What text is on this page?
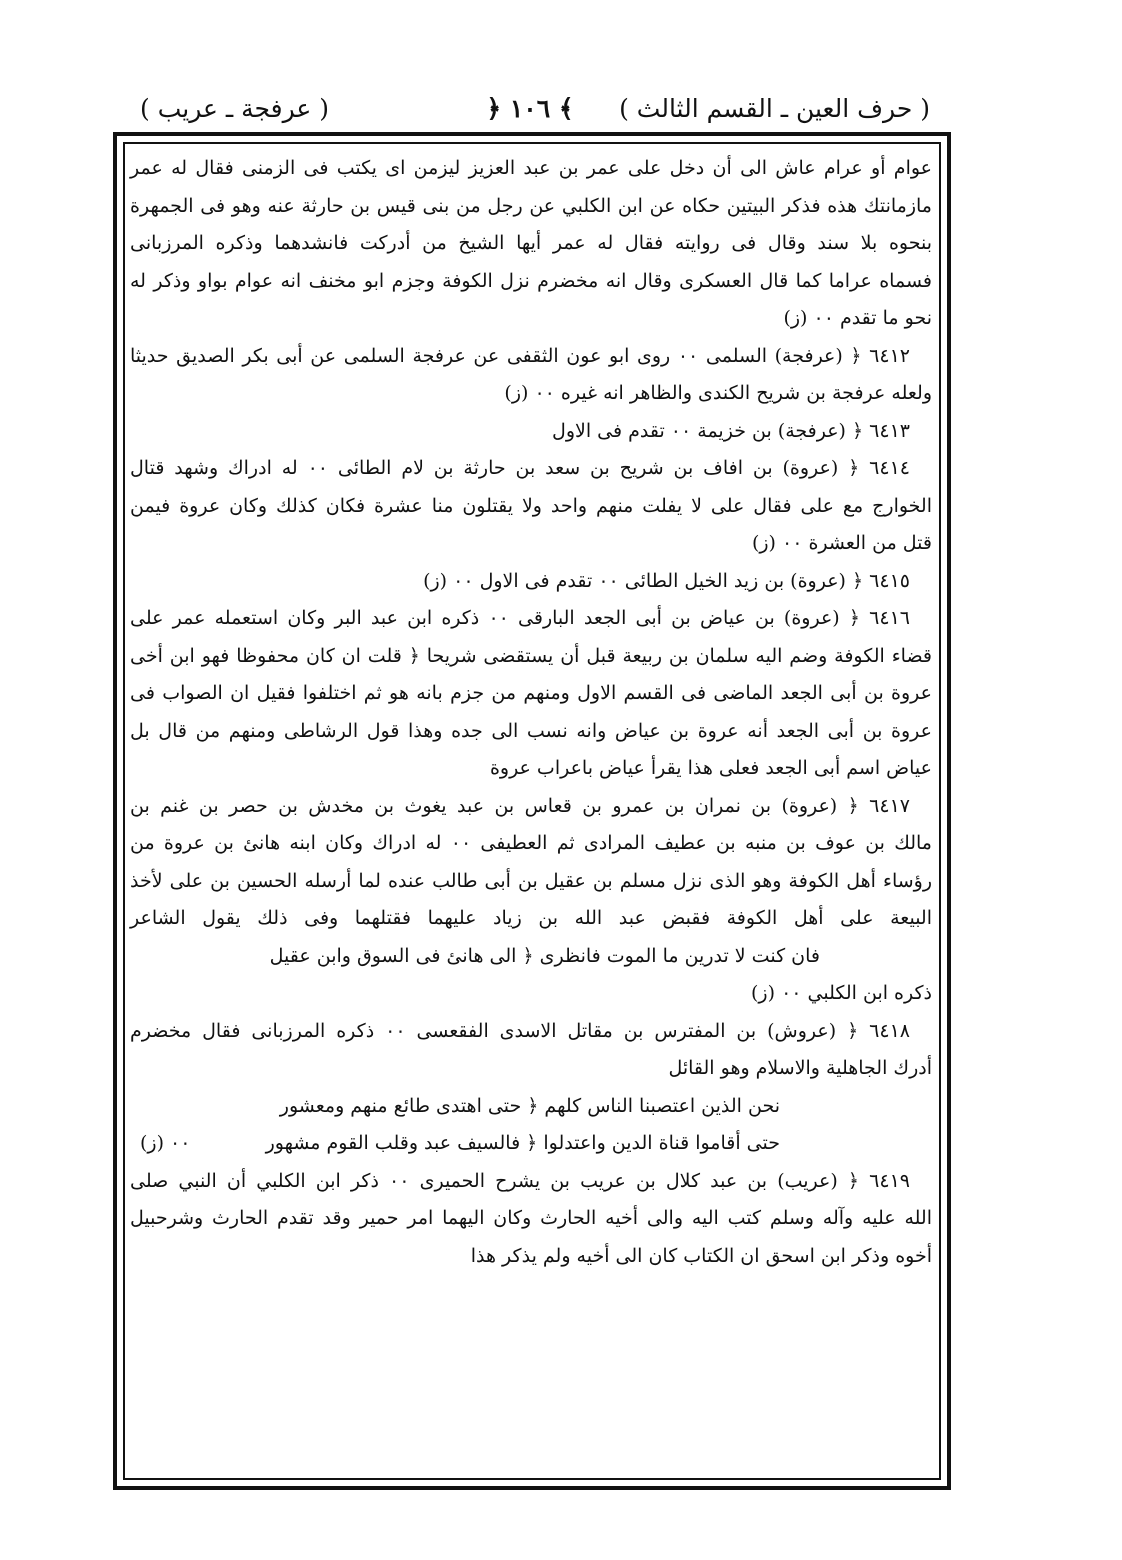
( حرف العين ـ القسم الثالث )
﴾ ١٠٦ ﴿
( عرفجة ـ عريب )
عوام أو عرام عاش الى أن دخل على عمر بن عبد العزيز ليزمن اى يكتب فى الزمنى فقال له عمر
مازمانتك هذه فذكر البيتين حكاه عن ابن الكلبي عن رجل من بنى قيس بن حارثة عنه وهو فى الجمهرة
بنحوه بلا سند وقال فى روايته فقال له عمر أيها الشيخ من أدركت فانشدهما وذكره المرزبانى
فسماه عراما كما قال العسكرى وقال انه مخضرم نزل الكوفة وجزم ابو مخنف انه عوام بواو وذكر له
نحو ما تقدم ٠٠ (ز)
٦٤١٢ ﴿ (عرفجة) السلمى ٠٠ روى ابو عون الثقفى عن عرفجة السلمى عن أبى بكر الصديق حديثا
ولعله عرفجة بن شريح الكندى والظاهر انه غيره ٠٠ (ز)
٦٤١٣ ﴿ (عرفجة) بن خزيمة ٠٠ تقدم فى الاول
٦٤١٤ ﴿ (عروة) بن افاف بن شريح بن سعد بن حارثة بن لام الطائى ٠٠ له ادراك وشهد قتال
الخوارج مع على فقال على لا يفلت منهم واحد ولا يقتلون منا عشرة فكان كذلك وكان عروة فيمن
قتل من العشرة ٠٠ (ز)
٦٤١٥ ﴿ (عروة) بن زيد الخيل الطائى ٠٠ تقدم فى الاول ٠٠ (ز)
٦٤١٦ ﴿ (عروة) بن عياض بن أبى الجعد البارقى ٠٠ ذكره ابن عبد البر وكان استعمله عمر على
قضاء الكوفة وضم اليه سلمان بن ربيعة قبل أن يستقضى شريحا ﴿ قلت ان كان محفوظا فهو ابن أخى
عروة بن أبى الجعد الماضى فى القسم الاول ومنهم من جزم بانه هو ثم اختلفوا فقيل ان الصواب فى
عروة بن أبى الجعد أنه عروة بن عياض وانه نسب الى جده وهذا قول الرشاطى ومنهم من قال بل
عياض اسم أبى الجعد فعلى هذا يقرأ عياض باعراب عروة
٦٤١٧ ﴿ (عروة) بن نمران بن عمرو بن قعاس بن عبد يغوث بن مخدش بن حصر بن غنم بن
مالك بن عوف بن منبه بن عطيف المرادى ثم العطيفى ٠٠ له ادراك وكان ابنه هانئ بن عروة من
رؤساء أهل الكوفة وهو الذى نزل مسلم بن عقيل بن أبى طالب عنده لما أرسله الحسين بن على لأخذ
البيعة على أهل الكوفة فقبض عبد الله بن زياد عليهما فقتلهما وفى ذلك يقول الشاعر
فان كنت لا تدرين ما الموت فانظرى ﴿ الى هانئ فى السوق وابن عقيل
ذكره ابن الكلبي ٠٠ (ز)
٦٤١٨ ﴿ (عروش) بن المفترس بن مقاتل الاسدى الفقعسى ٠٠ ذكره المرزبانى فقال مخضرم
أدرك الجاهلية والاسلام وهو القائل
نحن الذين اعتصبنا الناس كلهم ﴿ حتى اهتدى طائع منهم ومعشور
حتى أقاموا قناة الدين واعتدلوا ﴿ فالسيف عبد وقلب القوم مشهور
٠٠ (ز)
٦٤١٩ ﴿ (عريب) بن عبد كلال بن عريب بن يشرح الحميرى ٠٠ ذكر ابن الكلبي أن النبي صلى
الله عليه وآله وسلم كتب اليه والى أخيه الحارث وكان اليهما امر حمير وقد تقدم الحارث وشرحبيل
أخوه وذكر ابن اسحق ان الكتاب كان الى أخيه ولم يذكر هذا
